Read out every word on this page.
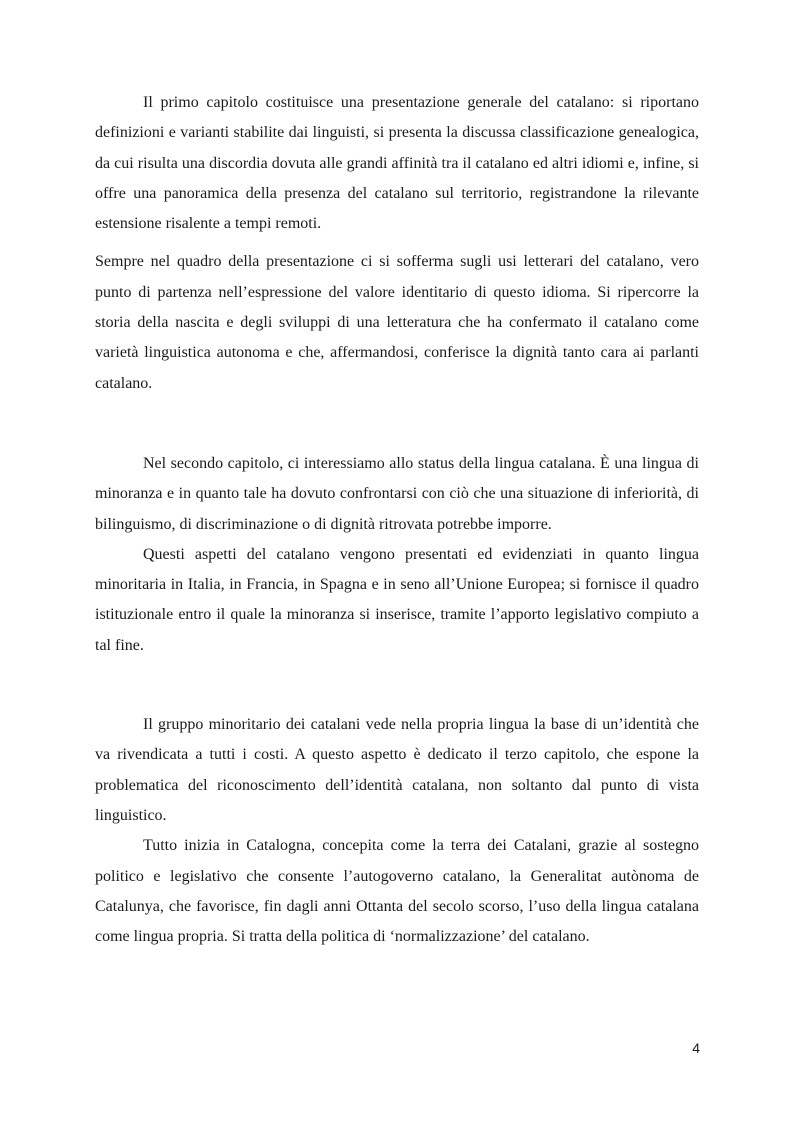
Il primo capitolo costituisce una presentazione generale del catalano: si riportano definizioni e varianti stabilite dai linguisti, si presenta la discussa classificazione genealogica, da cui risulta una discordia dovuta alle grandi affinità tra il catalano ed altri idiomi e, infine, si offre una panoramica della presenza del catalano sul territorio, registrandone la rilevante estensione risalente a tempi remoti.

Sempre nel quadro della presentazione ci si sofferma sugli usi letterari del catalano, vero punto di partenza nell’espressione del valore identitario di questo idioma. Si ripercorre la storia della nascita e degli sviluppi di una letteratura che ha confermato il catalano come varietà linguistica autonoma e che, affermandosi, conferisce la dignità tanto cara ai parlanti catalano.

Nel secondo capitolo, ci interessiamo allo status della lingua catalana. È una lingua di minoranza e in quanto tale ha dovuto confrontarsi con ciò che una situazione di inferiorità, di bilinguismo, di discriminazione o di dignità ritrovata potrebbe imporre.

Questi aspetti del catalano vengono presentati ed evidenziati in quanto lingua minoritaria in Italia, in Francia, in Spagna e in seno all’Unione Europea; si fornisce il quadro istituzionale entro il quale la minoranza si inserisce, tramite l’apporto legislativo compiuto a tal fine.

Il gruppo minoritario dei catalani vede nella propria lingua la base di un’identità che va rivendicata a tutti i costi. A questo aspetto è dedicato il terzo capitolo, che espone la problematica del riconoscimento dell’identità catalana, non soltanto dal punto di vista linguistico.

Tutto inizia in Catalogna, concepita come la terra dei Catalani, grazie al sostegno politico e legislativo che consente l’autogoverno catalano, la Generalitat autònoma de Catalunya, che favorisce, fin dagli anni Ottanta del secolo scorso, l’uso della lingua catalana come lingua propria. Si tratta della politica di ‘normalizzazione’ del catalano.

4
